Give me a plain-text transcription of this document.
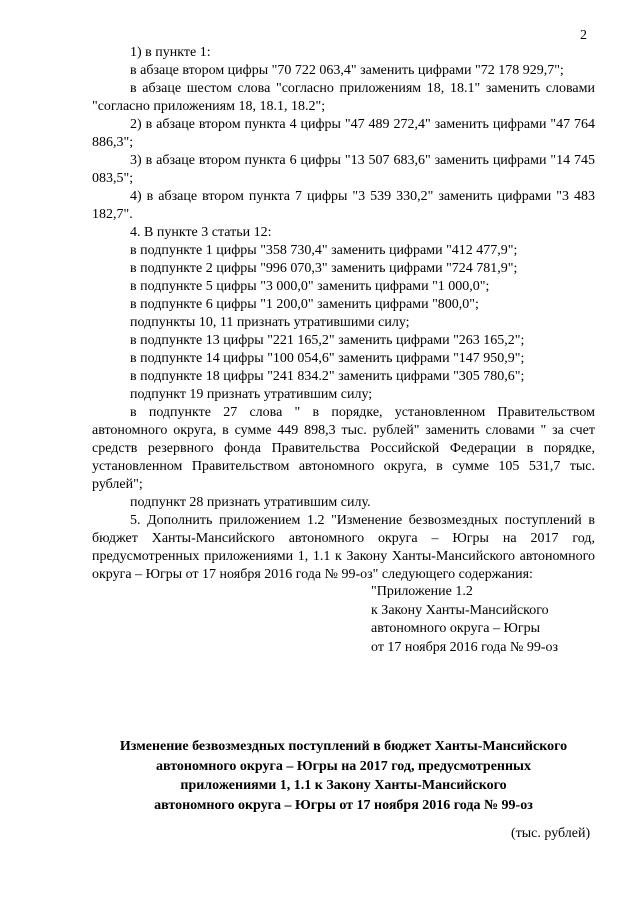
2

1) в пункте 1:

в абзаце втором цифры "70 722 063,4" заменить цифрами "72 178 929,7";

в абзаце шестом слова "согласно приложениям 18, 18.1" заменить словами "согласно приложениям 18, 18.1, 18.2";

2) в абзаце втором пункта 4 цифры "47 489 272,4" заменить цифрами "47 764 886,3";

3) в абзаце втором пункта 6 цифры "13 507 683,6" заменить цифрами "14 745 083,5";

4) в абзаце втором пункта 7 цифры "3 539 330,2" заменить цифрами "3 483 182,7".

4. В пункте 3 статьи 12:

в подпункте 1 цифры "358 730,4" заменить цифрами "412 477,9";

в подпункте 2 цифры "996 070,3" заменить цифрами "724 781,9";

в подпункте 5 цифры "3 000,0" заменить цифрами "1 000,0";

в подпункте 6 цифры "1 200,0" заменить цифрами "800,0";

подпункты 10, 11 признать утратившими силу;

в подпункте 13 цифры "221 165,2" заменить цифрами "263 165,2";

в подпункте 14 цифры "100 054,6" заменить цифрами "147 950,9";

в подпункте 18 цифры "241 834.2" заменить цифрами "305 780,6";

подпункт 19 признать утратившим силу;

в подпункте 27 слова " в порядке, установленном Правительством автономного округа, в сумме 449 898,3 тыс. рублей" заменить словами " за счет средств резервного фонда Правительства Российской Федерации в порядке, установленном Правительством автономного округа, в сумме 105 531,7 тыс. рублей";

подпункт 28 признать утратившим силу.

5. Дополнить приложением 1.2 "Изменение безвозмездных поступлений в бюджет Ханты-Мансийского автономного округа – Югры на 2017 год, предусмотренных приложениями 1, 1.1 к Закону Ханты-Мансийского автономного округа – Югры от 17 ноября 2016 года № 99-оз" следующего содержания:

"Приложение 1.2
к Закону Ханты-Мансийского
автономного округа – Югры
от 17 ноября 2016 года № 99-оз
Изменение безвозмездных поступлений в бюджет Ханты-Мансийского
автономного округа – Югры на 2017 год, предусмотренных
приложениями 1, 1.1 к Закону Ханты-Мансийского
автономного округа – Югры от 17 ноября 2016 года № 99-оз
(тыс. рублей)
